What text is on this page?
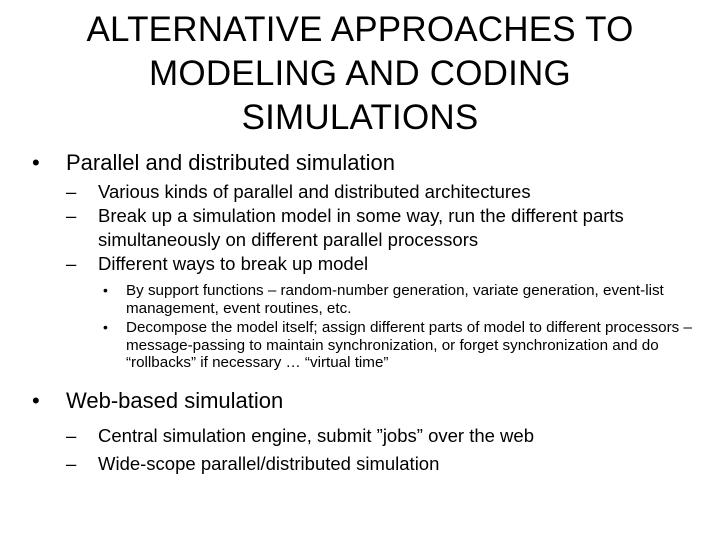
ALTERNATIVE APPROACHES TO
MODELING AND CODING
SIMULATIONS
• Parallel and distributed simulation
– Various kinds of parallel and distributed architectures
– Break up a simulation model in some way, run the different parts simultaneously on different parallel processors
– Different ways to break up model
• By support functions – random-number generation, variate generation, event-list management, event routines, etc.
• Decompose the model itself; assign different parts of model to different processors – message-passing to maintain synchronization, or forget synchronization and do “rollbacks” if necessary … “virtual time”
• Web-based simulation
– Central simulation engine, submit ”jobs” over the web
– Wide-scope parallel/distributed simulation
